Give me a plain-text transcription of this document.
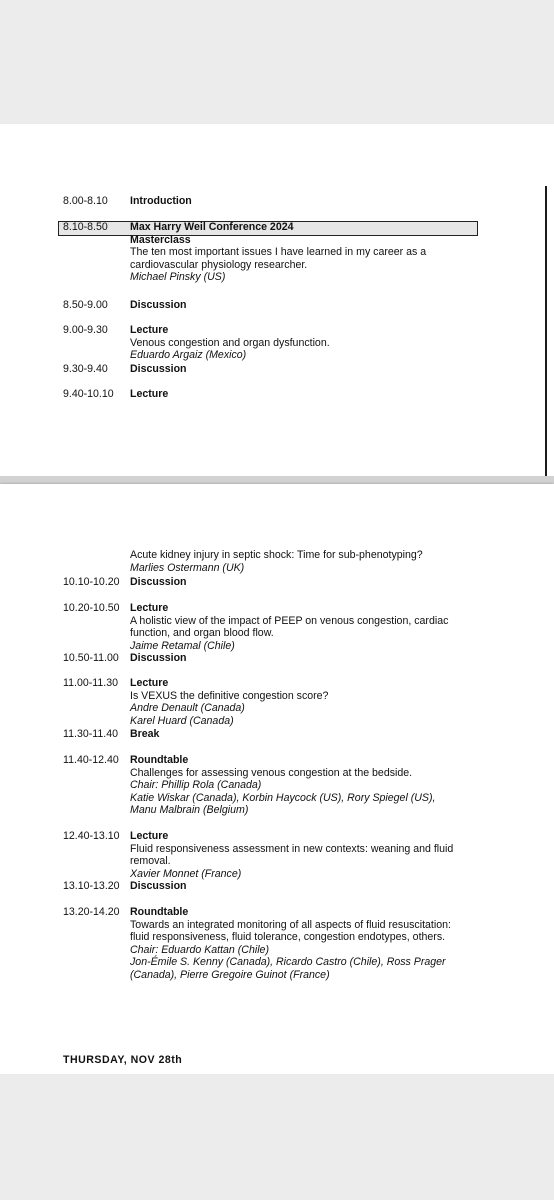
8.00-8.10 Introduction
8.10-8.50 Max Harry Weil Conference 2024
Masterclass
The ten most important issues I have learned in my career as a
cardiovascular physiology researcher.
Michael Pinsky (US)
8.50-9.00 Discussion
9.00-9.30 Lecture
Venous congestion and organ dysfunction.
Eduardo Argaiz (Mexico)
9.30-9.40 Discussion
9.40-10.10 Lecture
Acute kidney injury in septic shock: Time for sub-phenotyping?
Marlies Ostermann (UK)
10.10-10.20 Discussion
10.20-10.50 Lecture
A holistic view of the impact of PEEP on venous congestion, cardiac
function, and organ blood flow.
Jaime Retamal (Chile)
10.50-11.00 Discussion
11.00-11.30 Lecture
Is VEXUS the definitive congestion score?
Andre Denault (Canada)
Karel Huard (Canada)
11.30-11.40 Break
11.40-12.40 Roundtable
Challenges for assessing venous congestion at the bedside.
Chair: Phillip Rola (Canada)
Katie Wiskar (Canada), Korbin Haycock (US), Rory Spiegel (US),
Manu Malbrain (Belgium)
12.40-13.10 Lecture
Fluid responsiveness assessment in new contexts: weaning and fluid
removal.
Xavier Monnet (France)
13.10-13.20 Discussion
13.20-14.20 Roundtable
Towards an integrated monitoring of all aspects of fluid resuscitation:
fluid responsiveness, fluid tolerance, congestion endotypes, others.
Chair: Eduardo Kattan (Chile)
Jon-Émile S. Kenny (Canada), Ricardo Castro (Chile), Ross Prager
(Canada), Pierre Gregoire Guinot (France)
THURSDAY, NOV 28th
